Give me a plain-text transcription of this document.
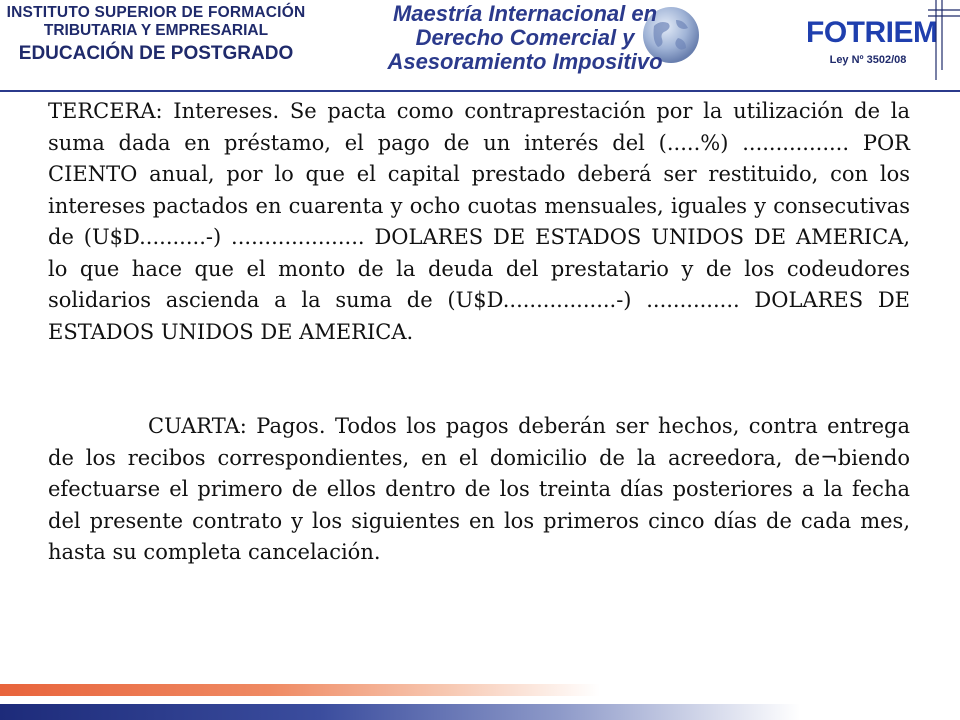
INSTITUTO SUPERIOR DE FORMACIÓN
TRIBUTARIA Y EMPRESARIAL
EDUCACIÓN DE POSTGRADO
Maestría Internacional en
Derecho Comercial y
Asesoramiento Impositivo
FOTRIEM
Ley Nº 3502/08

TERCERA: Intereses. Se pacta como contraprestación por la utilización de la suma dada en préstamo, el pago de un interés del (.....%) ................ POR CIENTO anual, por lo que el capital prestado deberá ser restituido, con los intereses pactados en cuarenta y ocho cuotas mensuales, iguales y consecutivas de (U$D..........-) .................... DOLARES DE ESTADOS UNIDOS DE AMERICA, lo que hace que el monto de la deuda del prestatario y de los codeudores solidarios ascienda a la suma de (U$D.................-) .............. DOLARES DE ESTADOS UNIDOS DE AMERICA.

CUARTA: Pagos. Todos los pagos deberán ser hechos, contra entrega de los recibos correspondientes, en el domicilio de la acreedora, de¬biendo efectuarse el primero de ellos dentro de los treinta días posteriores a la fecha del presente contrato y los siguientes en los primeros cinco días de cada mes, hasta su completa cancelación.
